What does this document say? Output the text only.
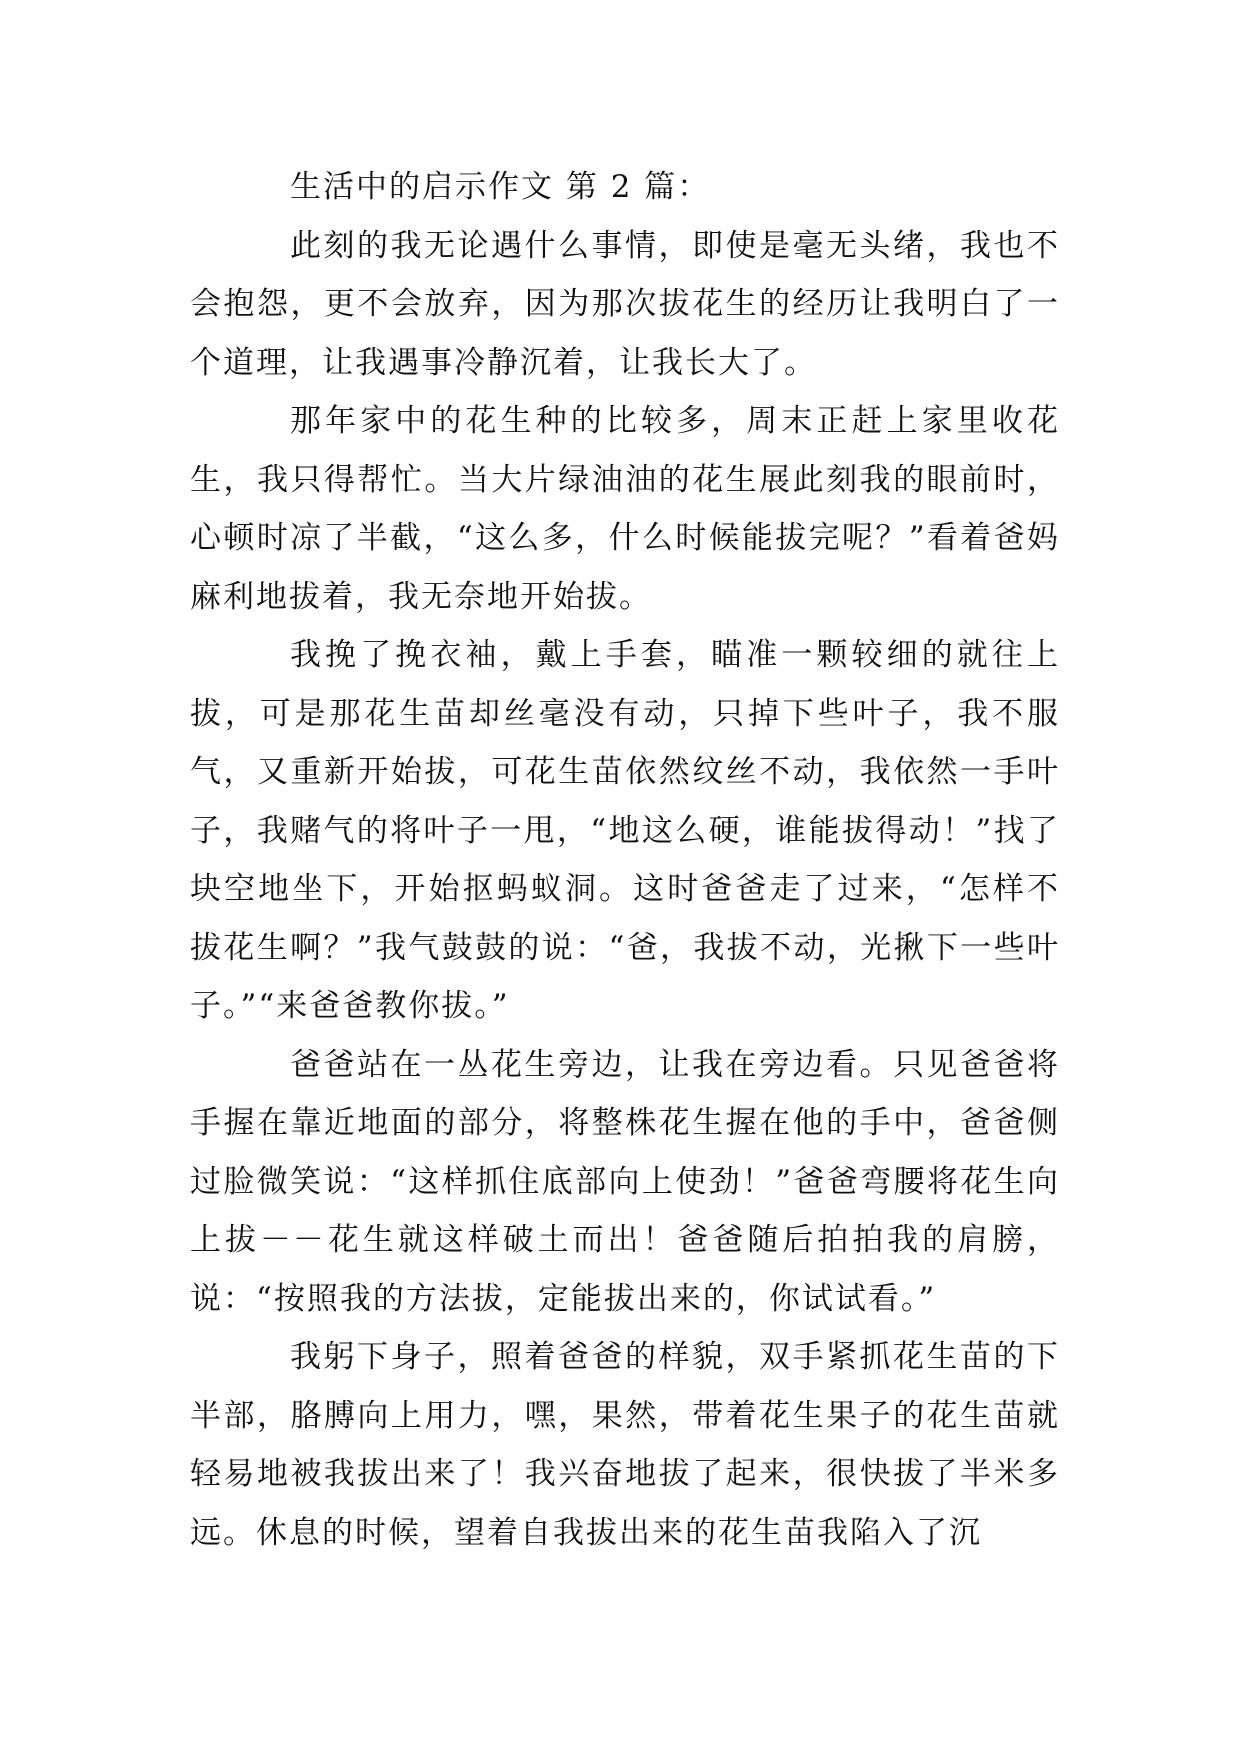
生活中的启示作文 第 2 篇：

此刻的我无论遇什么事情，即使是毫无头绪，我也不会抱怨，更不会放弃，因为那次拔花生的经历让我明白了一个道理，让我遇事冷静沉着，让我长大了。

那年家中的花生种的比较多，周末正赶上家里收花生，我只得帮忙。当大片绿油油的花生展此刻我的眼前时，心顿时凉了半截，“这么多，什么时候能拔完呢？”看着爸妈麻利地拔着，我无奈地开始拔。

我挽了挽衣袖，戴上手套，瞄准一颗较细的就往上拔，可是那花生苗却丝毫没有动，只掉下些叶子，我不服气，又重新开始拔，可花生苗依然纹丝不动，我依然一手叶子，我赌气的将叶子一甩，“地这么硬，谁能拔得动！”找了块空地坐下，开始抠蚂蚁洞。这时爸爸走了过来，“怎样不拔花生啊？”我气鼓鼓的说：“爸，我拔不动，光揪下一些叶子。”“来爸爸教你拔。”

爸爸站在一丛花生旁边，让我在旁边看。只见爸爸将手握在靠近地面的部分，将整株花生握在他的手中，爸爸侧过脸微笑说：“这样抓住底部向上使劲！”爸爸弯腰将花生向上拔－－花生就这样破土而出！爸爸随后拍拍我的肩膀，说：“按照我的方法拔，定能拔出来的，你试试看。”

我躬下身子，照着爸爸的样貌，双手紧抓花生苗的下半部，胳膊向上用力，嘿，果然，带着花生果子的花生苗就轻易地被我拔出来了！我兴奋地拔了起来，很快拔了半米多远。休息的时候，望着自我拔出来的花生苗我陷入了沉
